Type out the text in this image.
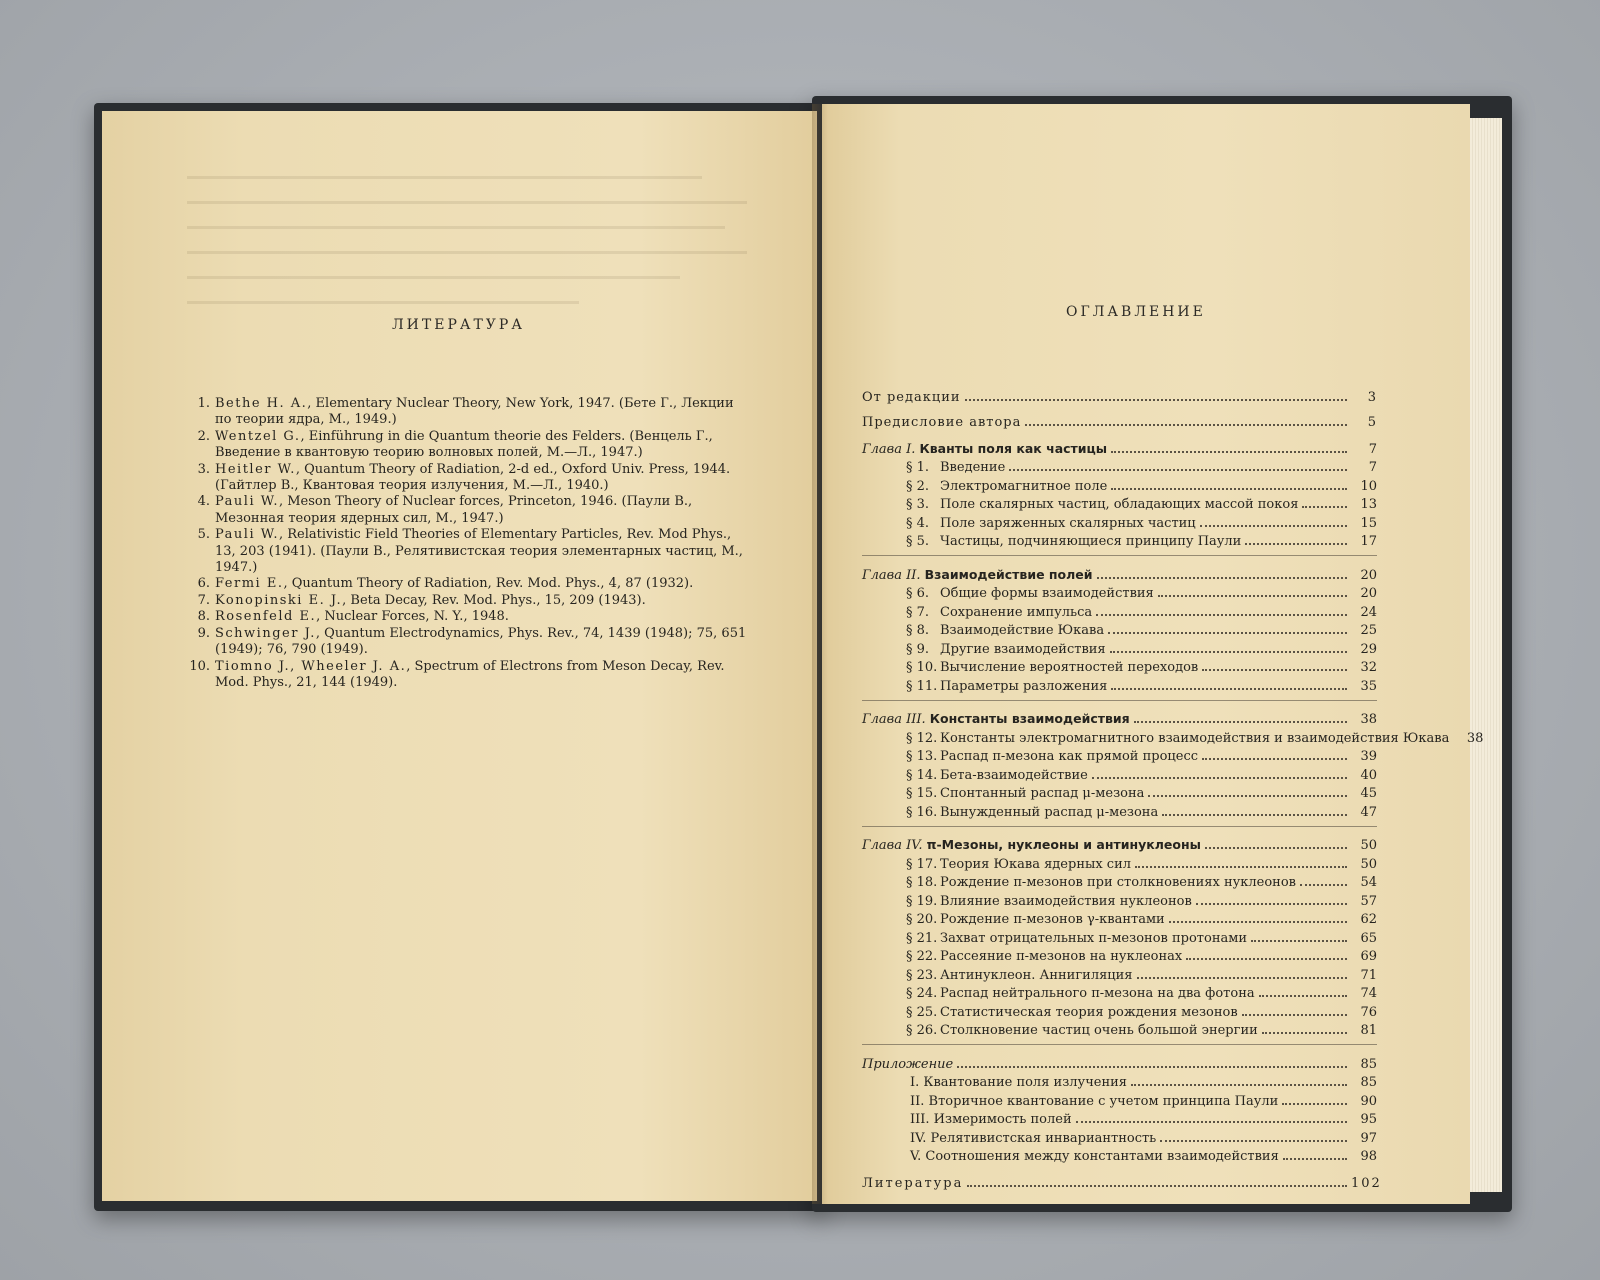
ЛИТЕРАТУРА
1. Bethe H. A., Elementary Nuclear Theory, New York, 1947. (Бете Г., Лекции по теории ядра, М., 1949.)
2. Wentzel G., Einführung in die Quantum theorie des Felders. (Венцель Г., Введение в квантовую теорию волновых полей, М.—Л., 1947.)
3. Heitler W., Quantum Theory of Radiation, 2-d ed., Oxford Univ. Press, 1944. (Гайтлер В., Квантовая теория излучения, М.—Л., 1940.)
4. Pauli W., Meson Theory of Nuclear forces, Princeton, 1946. (Паули В., Мезонная теория ядерных сил, М., 1947.)
5. Pauli W., Relativistic Field Theories of Elementary Particles, Rev. Mod Phys., 13, 203 (1941). (Паули В., Релятивистская теория элементарных частиц, М., 1947.)
6. Fermi E., Quantum Theory of Radiation, Rev. Mod. Phys., 4, 87 (1932).
7. Konopinski E. J., Beta Decay, Rev. Mod. Phys., 15, 209 (1943).
8. Rosenfeld E., Nuclear Forces, N. Y., 1948.
9. Schwinger J., Quantum Electrodynamics, Phys. Rev., 74, 1439 (1948); 75, 651 (1949); 76, 790 (1949).
10. Tiomno J., Wheeler J. A., Spectrum of Electrons from Meson Decay, Rev. Mod. Phys., 21, 144 (1949).
ОГЛАВЛЕНИЕ
От редакции	3
Предисловие автора	5
Глава I. Кванты поля как частицы	7
§ 1. Введение	7
§ 2. Электромагнитное поле	10
§ 3. Поле скалярных частиц, обладающих массой покоя	13
§ 4. Поле заряженных скалярных частиц	15
§ 5. Частицы, подчиняющиеся принципу Паули	17
Глава II. Взаимодействие полей	20
§ 6. Общие формы взаимодействия	20
§ 7. Сохранение импульса	24
§ 8. Взаимодействие Юкава	25
§ 9. Другие взаимодействия	29
§ 10. Вычисление вероятностей переходов	32
§ 11. Параметры разложения	35
Глава III. Константы взаимодействия	38
§ 12. Константы электромагнитного взаимодействия и взаимодействия Юкава	38
§ 13. Распад π-мезона как прямой процесс	39
§ 14. Бета-взаимодействие	40
§ 15. Спонтанный распад μ-мезона	45
§ 16. Вынужденный распад μ-мезона	47
Глава IV. π-Мезоны, нуклеоны и антинуклеоны	50
§ 17. Теория Юкава ядерных сил	50
§ 18. Рождение π-мезонов при столкновениях нуклеонов	54
§ 19. Влияние взаимодействия нуклеонов	57
§ 20. Рождение π-мезонов γ-квантами	62
§ 21. Захват отрицательных π-мезонов протонами	65
§ 22. Рассеяние π-мезонов на нуклеонах	69
§ 23. Антинуклеон. Аннигиляция	71
§ 24. Распад нейтрального π-мезона на два фотона	74
§ 25. Статистическая теория рождения мезонов	76
§ 26. Столкновение частиц очень большой энергии	81
Приложение	85
I. Квантование поля излучения	85
II. Вторичное квантование с учетом принципа Паули	90
III. Измеримость полей	95
IV. Релятивистская инвариантность	97
V. Соотношения между константами взаимодействия	98
Литература	102
